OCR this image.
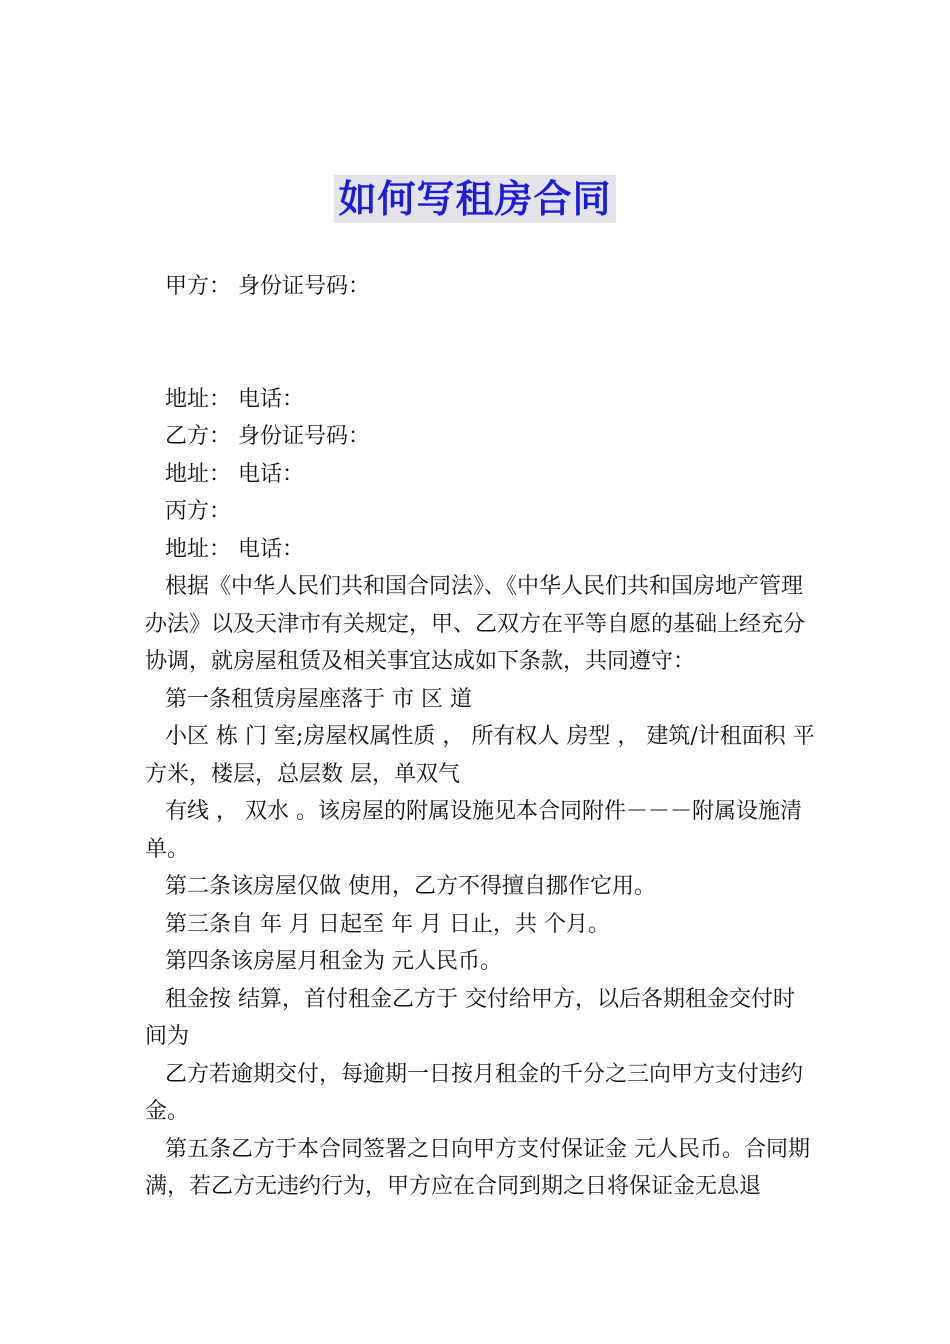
如何写租房合同

甲方： 身份证号码：

地址： 电话：

乙方： 身份证号码：

地址： 电话：

丙方：

地址： 电话：

根据《中华人民们共和国合同法》、《中华人民们共和国房地产管理办法》以及天津市有关规定，甲、乙双方在平等自愿的基础上经充分协调，就房屋租赁及相关事宜达成如下条款，共同遵守：

第一条租赁房屋座落于 市 区 道

小区 栋 门 室;房屋权属性质 ， 所有权人 房型 ， 建筑/计租面积 平方米，楼层，总层数 层，单双气

有线 ， 双水 。该房屋的附属设施见本合同附件－－－附属设施清单。

第二条该房屋仅做 使用，乙方不得擅自挪作它用。

第三条自 年 月 日起至 年 月 日止，共 个月。

第四条该房屋月租金为 元人民币。

租金按 结算，首付租金乙方于 交付给甲方，以后各期租金交付时间为

乙方若逾期交付，每逾期一日按月租金的千分之三向甲方支付违约金。

第五条乙方于本合同签署之日向甲方支付保证金 元人民币。合同期满，若乙方无违约行为，甲方应在合同到期之日将保证金无息退
